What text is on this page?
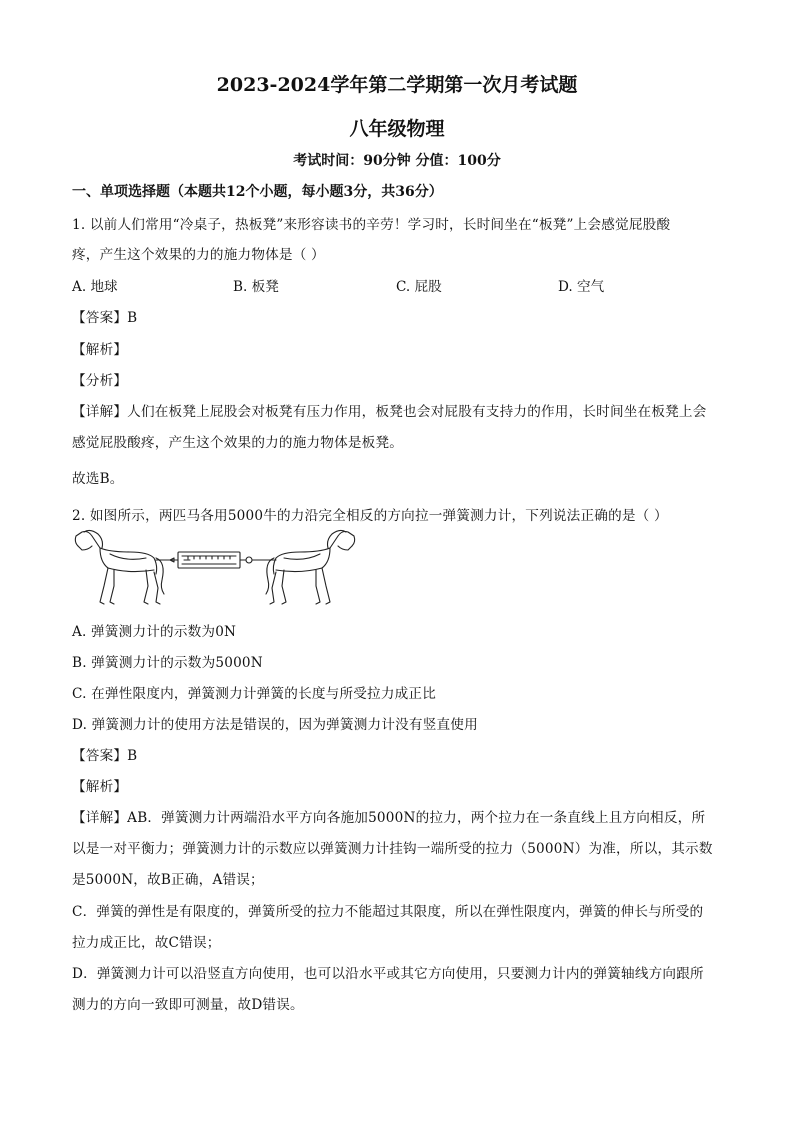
2023-2024学年第二学期第一次月考试题
八年级物理
考试时间：90分钟 分值：100分
一、单项选择题（本题共12个小题，每小题3分，共36分）
1. 以前人们常用“冷桌子，热板凳”来形容读书的辛劳！学习时，长时间坐在“板凳”上会感觉屁股酸
疼，产生这个效果的力的施力物体是（ ）
A. 地球	B. 板凳	C. 屁股	D. 空气
【答案】B
【解析】
【分析】
【详解】人们在板凳上屁股会对板凳有压力作用，板凳也会对屁股有支持力的作用，长时间坐在板凳上会
感觉屁股酸疼，产生这个效果的力的施力物体是板凳。
故选B。
2. 如图所示，两匹马各用5000牛的力沿完全相反的方向拉一弹簧测力计，下列说法正确的是（ ）
A. 弹簧测力计的示数为0N
B. 弹簧测力计的示数为5000N
C. 在弹性限度内，弹簧测力计弹簧的长度与所受拉力成正比
D. 弹簧测力计的使用方法是错误的，因为弹簧测力计没有竖直使用
【答案】B
【解析】
【详解】AB．弹簧测力计两端沿水平方向各施加5000N的拉力，两个拉力在一条直线上且方向相反，所
以是一对平衡力；弹簧测力计的示数应以弹簧测力计挂钩一端所受的拉力（5000N）为准，所以，其示数
是5000N，故B正确，A错误；
C．弹簧的弹性是有限度的，弹簧所受的拉力不能超过其限度，所以在弹性限度内，弹簧的伸长与所受的
拉力成正比，故C错误；
D．弹簧测力计可以沿竖直方向使用，也可以沿水平或其它方向使用，只要测力计内的弹簧轴线方向跟所
测力的方向一致即可测量，故D错误。
